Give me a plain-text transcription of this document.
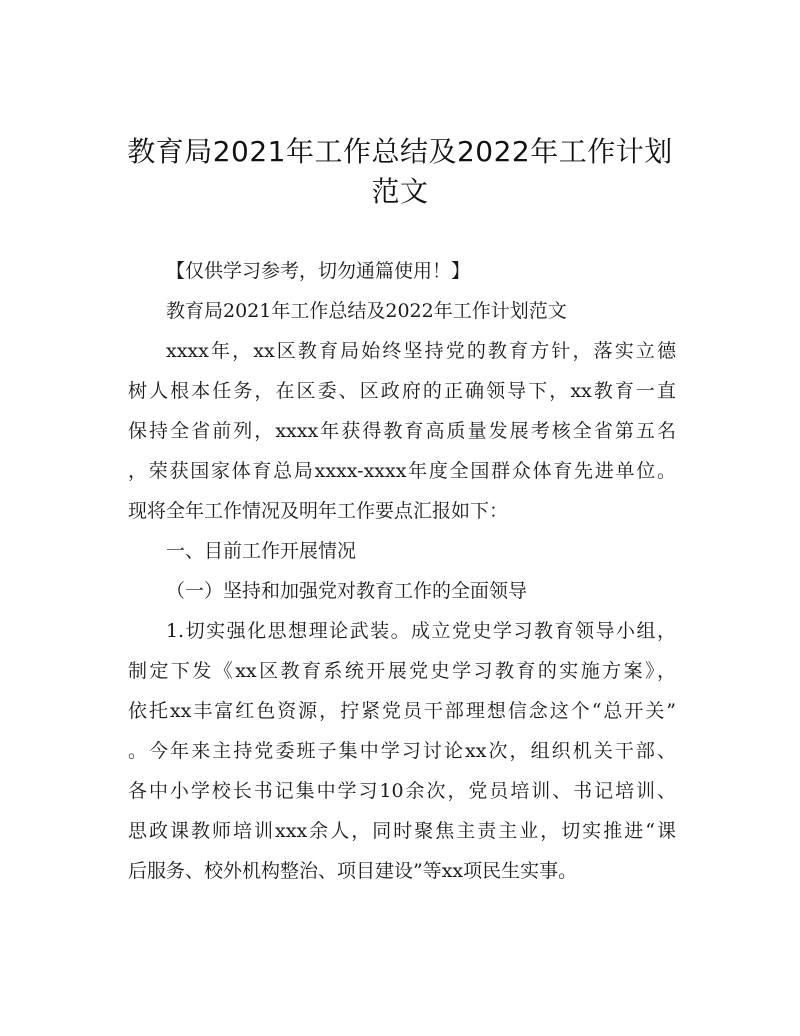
教育局2021年工作总结及2022年工作计划
范文
【仅供学习参考，切勿通篇使用！】
教育局2021年工作总结及2022年工作计划范文
xxxx年，xx区教育局始终坚持党的教育方针，落实立德
树人根本任务，在区委、区政府的正确领导下，xx教育一直
保持全省前列，xxxx年获得教育高质量发展考核全省第五名
，荣获国家体育总局xxxx-xxxx年度全国群众体育先进单位。
现将全年工作情况及明年工作要点汇报如下：
一、目前工作开展情况
（一）坚持和加强党对教育工作的全面领导
1.切实强化思想理论武装。成立党史学习教育领导小组，
制定下发《xx区教育系统开展党史学习教育的实施方案》，
依托xx丰富红色资源，拧紧党员干部理想信念这个“总开关”
。今年来主持党委班子集中学习讨论xx次，组织机关干部、
各中小学校长书记集中学习10余次，党员培训、书记培训、
思政课教师培训xxx余人，同时聚焦主责主业，切实推进“课
后服务、校外机构整治、项目建设”等xx项民生实事。
